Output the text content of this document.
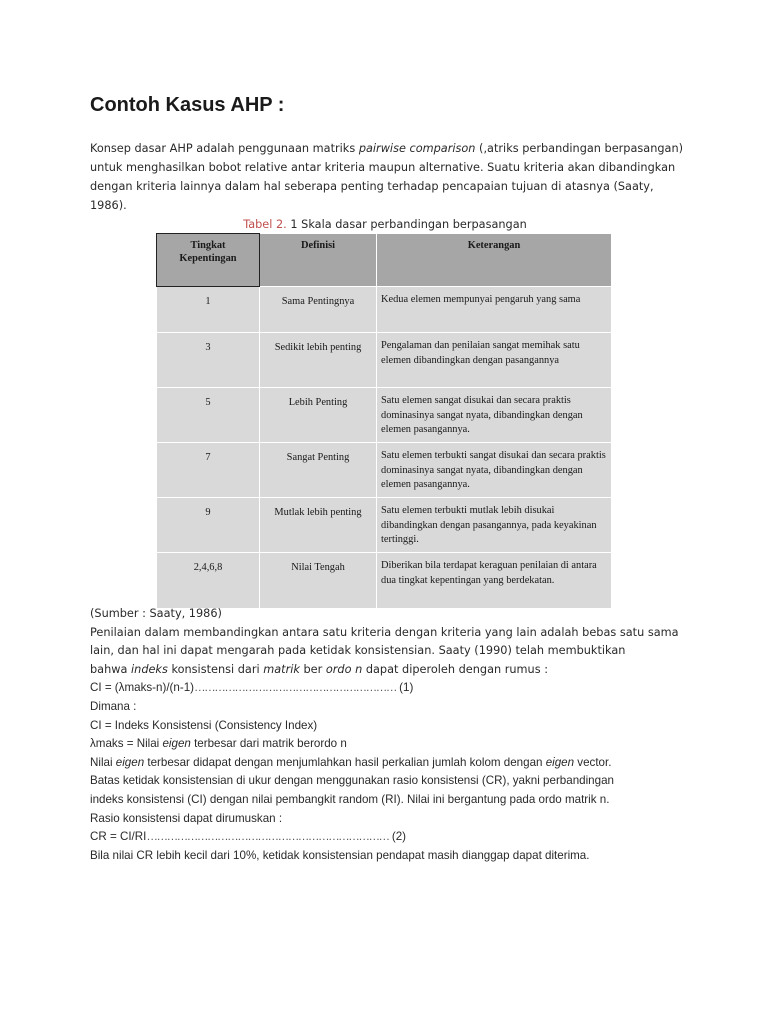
Contoh Kasus AHP :

Konsep dasar AHP adalah penggunaan matriks pairwise comparison (,atriks perbandingan berpasangan)

untuk menghasilkan bobot relative antar kriteria maupun alternative. Suatu kriteria akan dibandingkan

dengan kriteria lainnya dalam hal seberapa penting terhadap pencapaian tujuan di atasnya (Saaty,

1986).

Tabel 2. 1 Skala dasar perbandingan berpasangan
Tingkat Kepentingan	Definisi	Keterangan
1	Sama Pentingnya	Kedua elemen mempunyai pengaruh yang sama
3	Sedikit lebih penting	Pengalaman dan penilaian sangat memihak satu elemen dibandingkan dengan pasangannya
5	Lebih Penting	Satu elemen sangat disukai dan secara praktis dominasinya sangat nyata, dibandingkan dengan elemen pasangannya.
7	Sangat Penting	Satu elemen terbukti sangat disukai dan secara praktis dominasinya sangat nyata, dibandingkan dengan elemen pasangannya.
9	Mutlak lebih penting	Satu elemen terbukti mutlak lebih disukai dibandingkan dengan pasangannya, pada keyakinan tertinggi.
2,4,6,8	Nilai Tengah	Diberikan bila terdapat keraguan penilaian di antara dua tingkat kepentingan yang berdekatan.

(Sumber : Saaty, 1986)

Penilaian dalam membandingkan antara satu kriteria dengan kriteria yang lain adalah bebas satu sama

lain, dan hal ini dapat mengarah pada ketidak konsistensian. Saaty (1990) telah membuktikan

bahwa indeks konsistensi dari matrik ber ordo n dapat diperoleh dengan rumus :

CI = (λmaks-n)/(n-1)…………………………………………………… (1)

Dimana :

CI = Indeks Konsistensi (Consistency Index)

λmaks = Nilai eigen terbesar dari matrik berordo n

Nilai eigen terbesar didapat dengan menjumlahkan hasil perkalian jumlah kolom dengan eigen vector.

Batas ketidak konsistensian di ukur dengan menggunakan rasio konsistensi (CR), yakni perbandingan

indeks konsistensi (CI) dengan nilai pembangkit random (RI). Nilai ini bergantung pada ordo matrik n.

Rasio konsistensi dapat dirumuskan :

CR = CI/RI……………………………………………………………… (2)

Bila nilai CR lebih kecil dari 10%, ketidak konsistensian pendapat masih dianggap dapat diterima.
